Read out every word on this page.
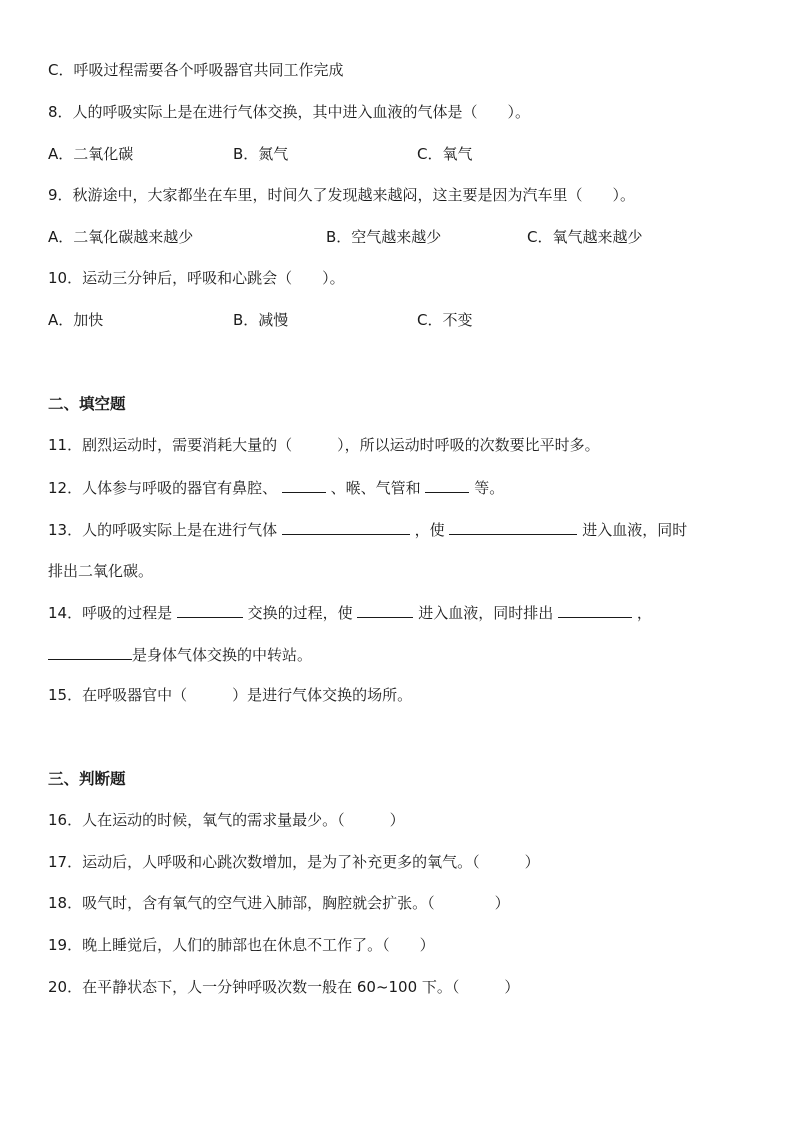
C．呼吸过程需要各个呼吸器官共同工作完成
8．人的呼吸实际上是在进行气体交换，其中进入血液的气体是（　　）。
A．二氧化碳	B．氮气	C．氧气
9．秋游途中，大家都坐在车里，时间久了发现越来越闷，这主要是因为汽车里（　　）。
A．二氧化碳越来越少	B．空气越来越少	C．氧气越来越少
10．运动三分钟后，呼吸和心跳会（　　）。
A．加快	B．减慢	C．不变
二、填空题
11．剧烈运动时，需要消耗大量的（　　　），所以运动时呼吸的次数要比平时多。
12．人体参与呼吸的器官有鼻腔、	、喉、气管和	等。
13．人的呼吸实际上是在进行气体	，使	进入血液，同时
排出二氧化碳。
14．呼吸的过程是	交换的过程，使	进入血液，同时排出	，
是身体气体交换的中转站。
15．在呼吸器官中（　　　）是进行气体交换的场所。
三、判断题
16．人在运动的时候，氧气的需求量最少。（　　　）
17．运动后，人呼吸和心跳次数增加，是为了补充更多的氧气。（　　　）
18．吸气时，含有氧气的空气进入肺部，胸腔就会扩张。（　　　　）
19．晚上睡觉后，人们的肺部也在休息不工作了。（　　）
20．在平静状态下，人一分钟呼吸次数一般在 60~100 下。（　　　）
